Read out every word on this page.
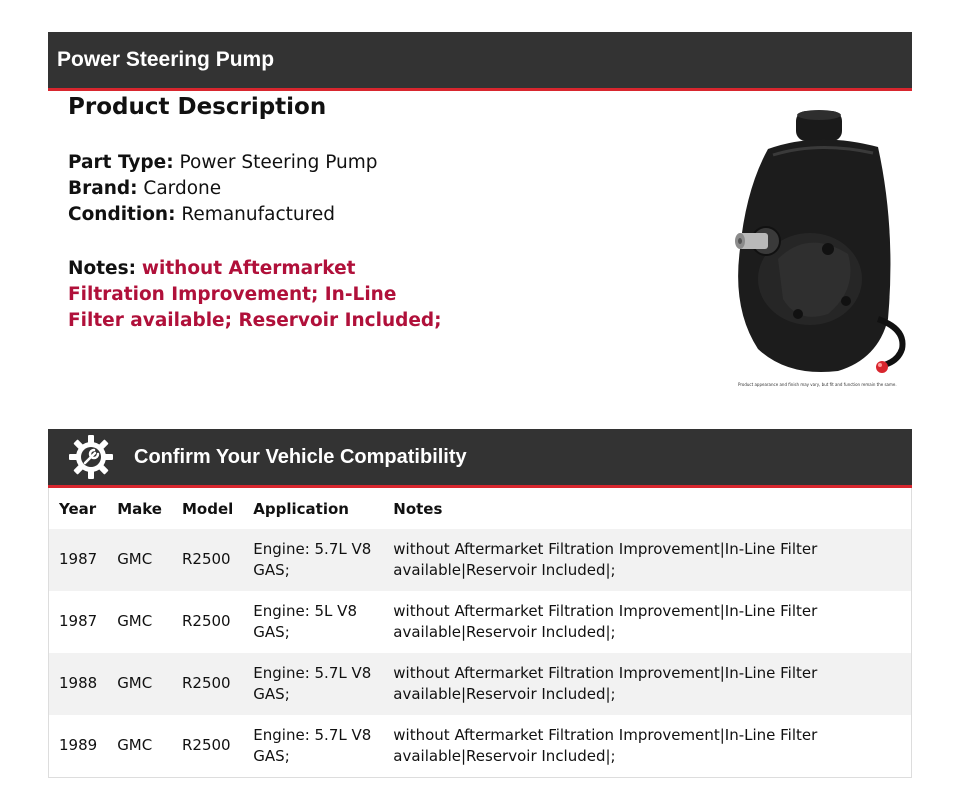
Power Steering Pump
Product Description
Part Type: Power Steering Pump
Brand: Cardone
Condition: Remanufactured
Notes: without Aftermarket Filtration Improvement; In-Line Filter available; Reservoir Included;
Product appearance and finish may vary, but fit and function remain the same.
Confirm Your Vehicle Compatibility
Year	Make	Model	Application	Notes
1987	GMC	R2500	Engine: 5.7L V8 GAS;	without Aftermarket Filtration Improvement|In-Line Filter available|Reservoir Included|;
1987	GMC	R2500	Engine: 5L V8 GAS;	without Aftermarket Filtration Improvement|In-Line Filter available|Reservoir Included|;
1988	GMC	R2500	Engine: 5.7L V8 GAS;	without Aftermarket Filtration Improvement|In-Line Filter available|Reservoir Included|;
1989	GMC	R2500	Engine: 5.7L V8 GAS;	without Aftermarket Filtration Improvement|In-Line Filter available|Reservoir Included|;
